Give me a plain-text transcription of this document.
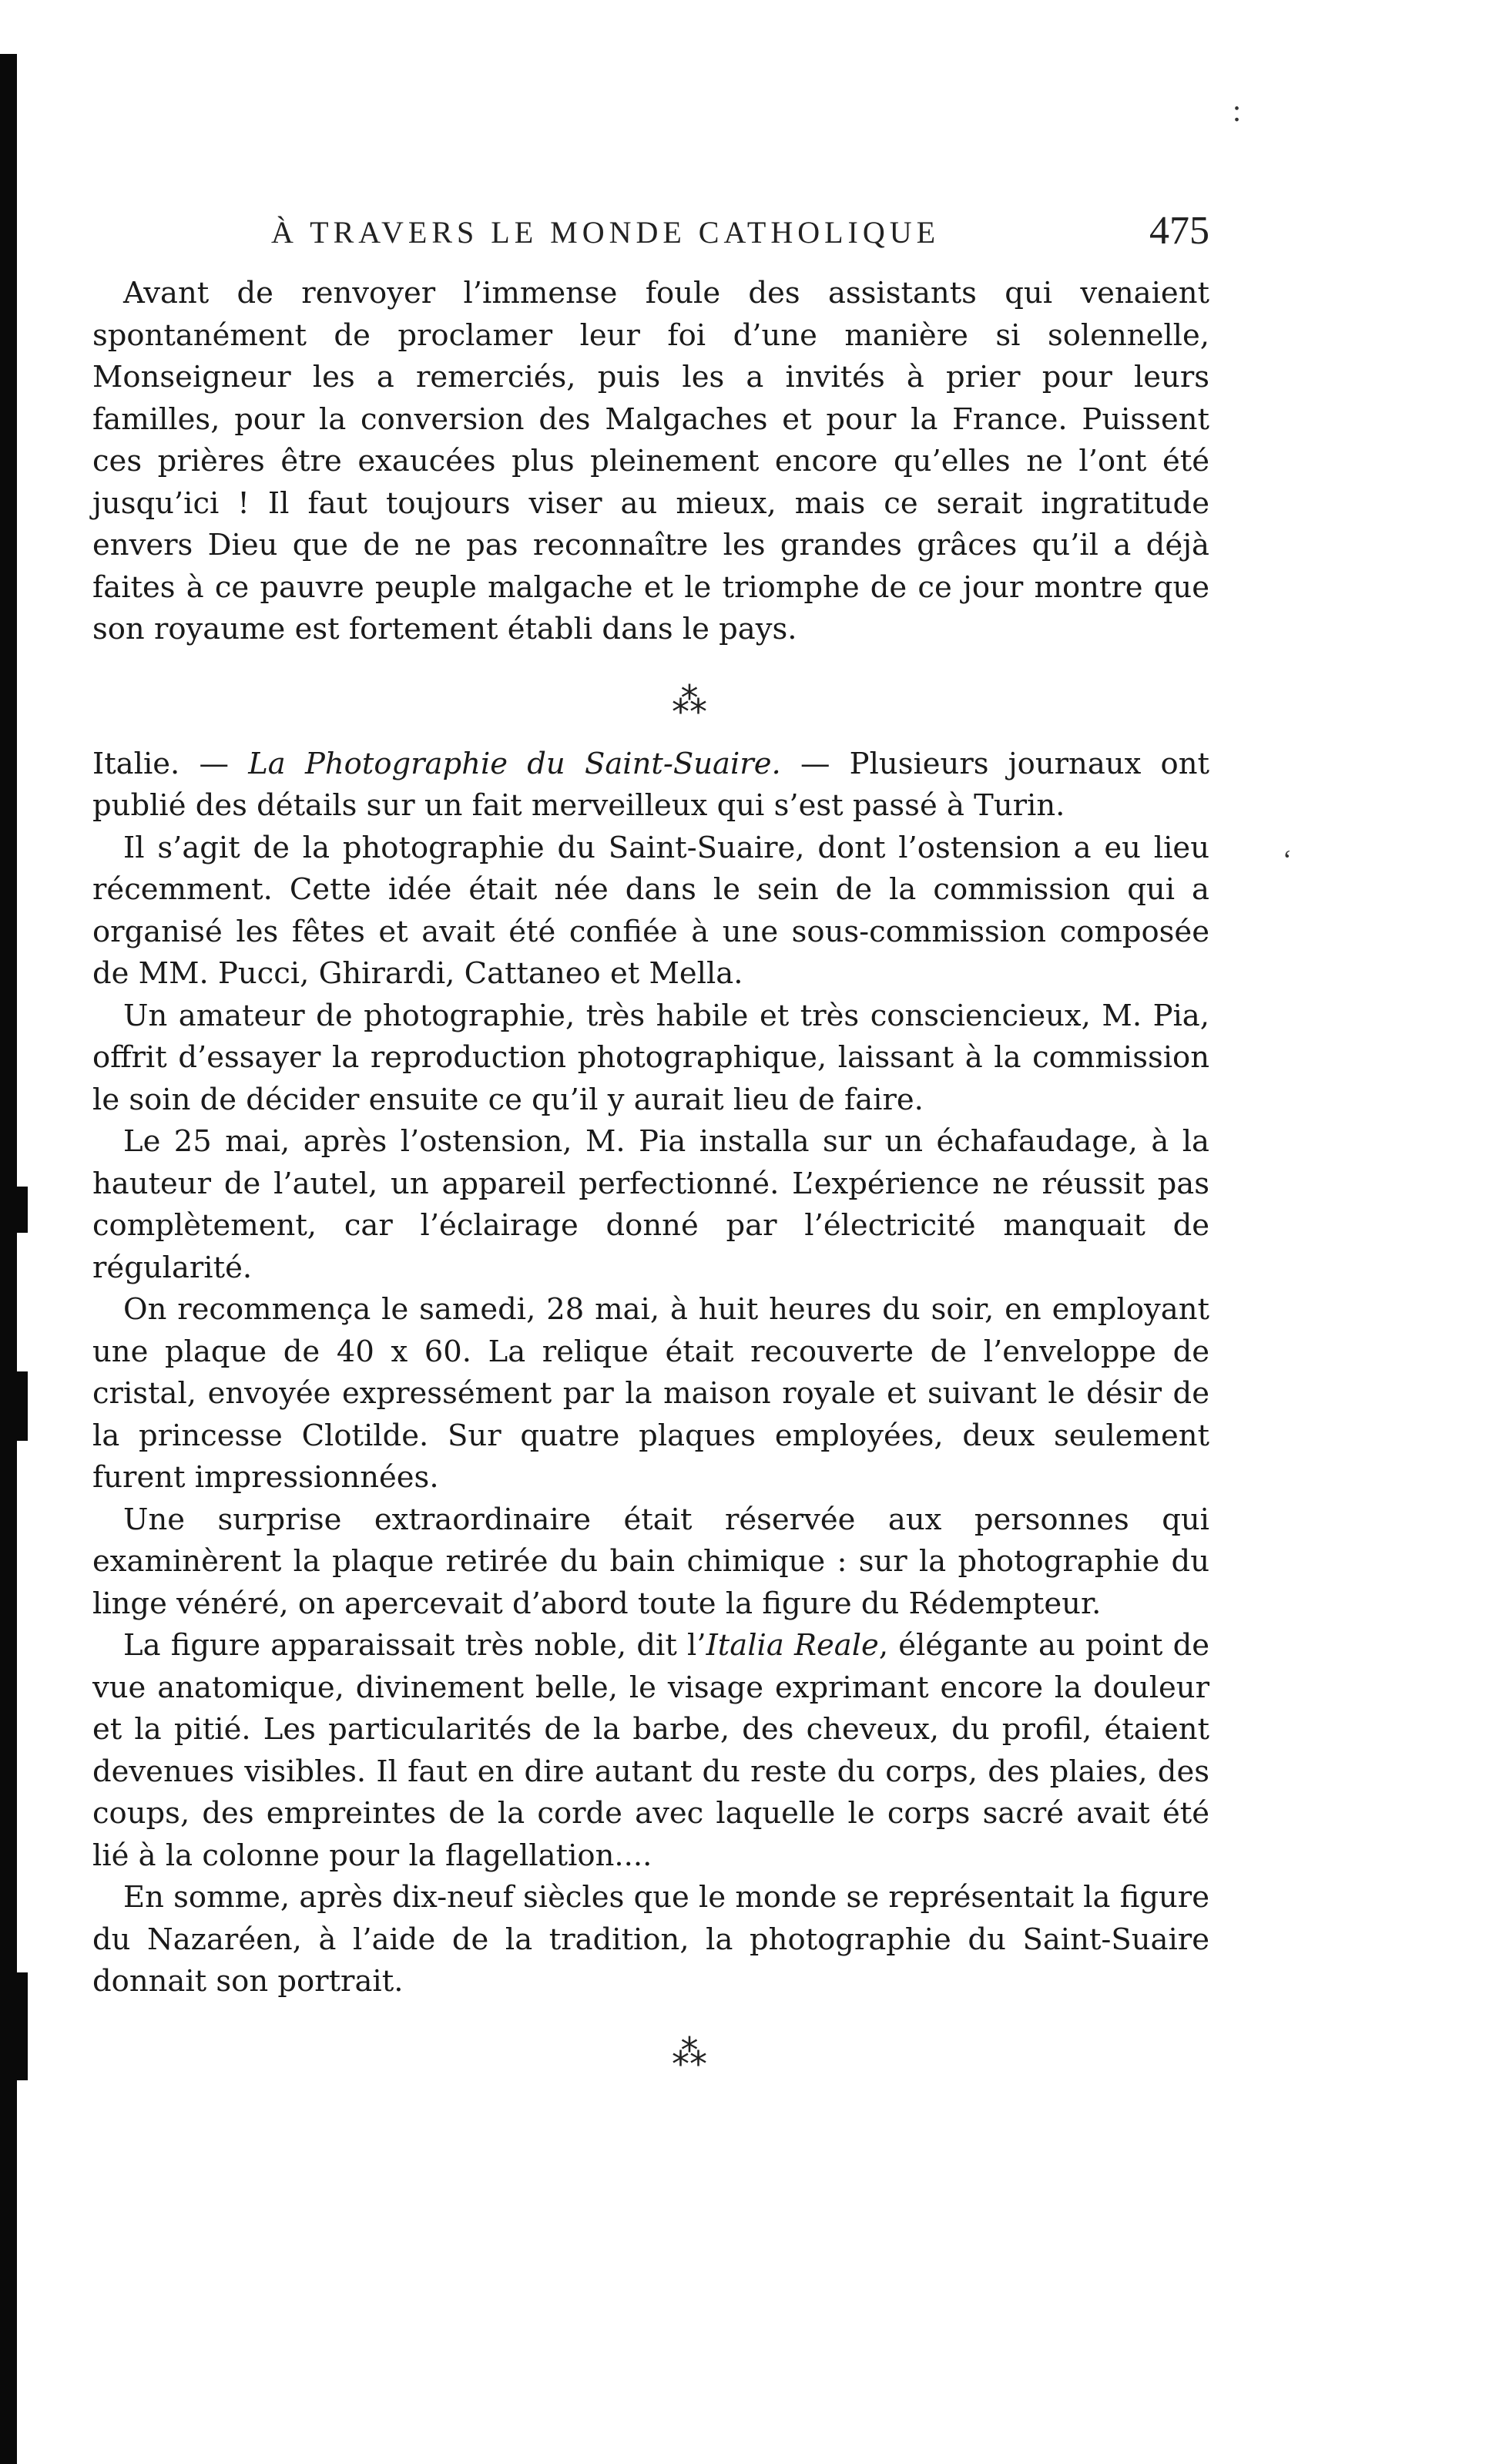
:
‘
À TRAVERS LE MONDE CATHOLIQUE	475

Avant de renvoyer l’immense foule des assistants qui venaient spontanément de proclamer leur foi d’une manière si solennelle, Monseigneur les a remerciés, puis les a invités à prier pour leurs familles, pour la conversion des Malgaches et pour la France. Puissent ces prières être exaucées plus pleinement encore qu’elles ne l’ont été jusqu’ici ! Il faut toujours viser au mieux, mais ce serait ingratitude envers Dieu que de ne pas reconnaître les grandes grâces qu’il a déjà faites à ce pauvre peuple malgache et le triomphe de ce jour montre que son royaume est fortement établi dans le pays.

⁂

Italie. — La Photographie du Saint-Suaire. — Plusieurs journaux ont publié des détails sur un fait merveilleux qui s’est passé à Turin.

Il s’agit de la photographie du Saint-Suaire, dont l’ostension a eu lieu récemment. Cette idée était née dans le sein de la commission qui a organisé les fêtes et avait été confiée à une sous-commission composée de MM. Pucci, Ghirardi, Cattaneo et Mella.

Un amateur de photographie, très habile et très consciencieux, M. Pia, offrit d’essayer la reproduction photographique, laissant à la commission le soin de décider ensuite ce qu’il y aurait lieu de faire.

Le 25 mai, après l’ostension, M. Pia installa sur un échafaudage, à la hauteur de l’autel, un appareil perfectionné. L’expérience ne réussit pas complètement, car l’éclairage donné par l’électricité manquait de régularité.

On recommença le samedi, 28 mai, à huit heures du soir, en employant une plaque de 40 x 60. La relique était recouverte de l’enveloppe de cristal, envoyée expressément par la maison royale et suivant le désir de la princesse Clotilde. Sur quatre plaques employées, deux seulement furent impressionnées.

Une surprise extraordinaire était réservée aux personnes qui examinèrent la plaque retirée du bain chimique : sur la photographie du linge vénéré, on apercevait d’abord toute la figure du Rédempteur.

La figure apparaissait très noble, dit l’Italia Reale, élégante au point de vue anatomique, divinement belle, le visage exprimant encore la douleur et la pitié. Les particularités de la barbe, des cheveux, du profil, étaient devenues visibles. Il faut en dire autant du reste du corps, des plaies, des coups, des empreintes de la corde avec laquelle le corps sacré avait été lié à la colonne pour la flagellation....

En somme, après dix-neuf siècles que le monde se représentait la figure du Nazaréen, à l’aide de la tradition, la photographie du Saint-Suaire donnait son portrait.

⁂
